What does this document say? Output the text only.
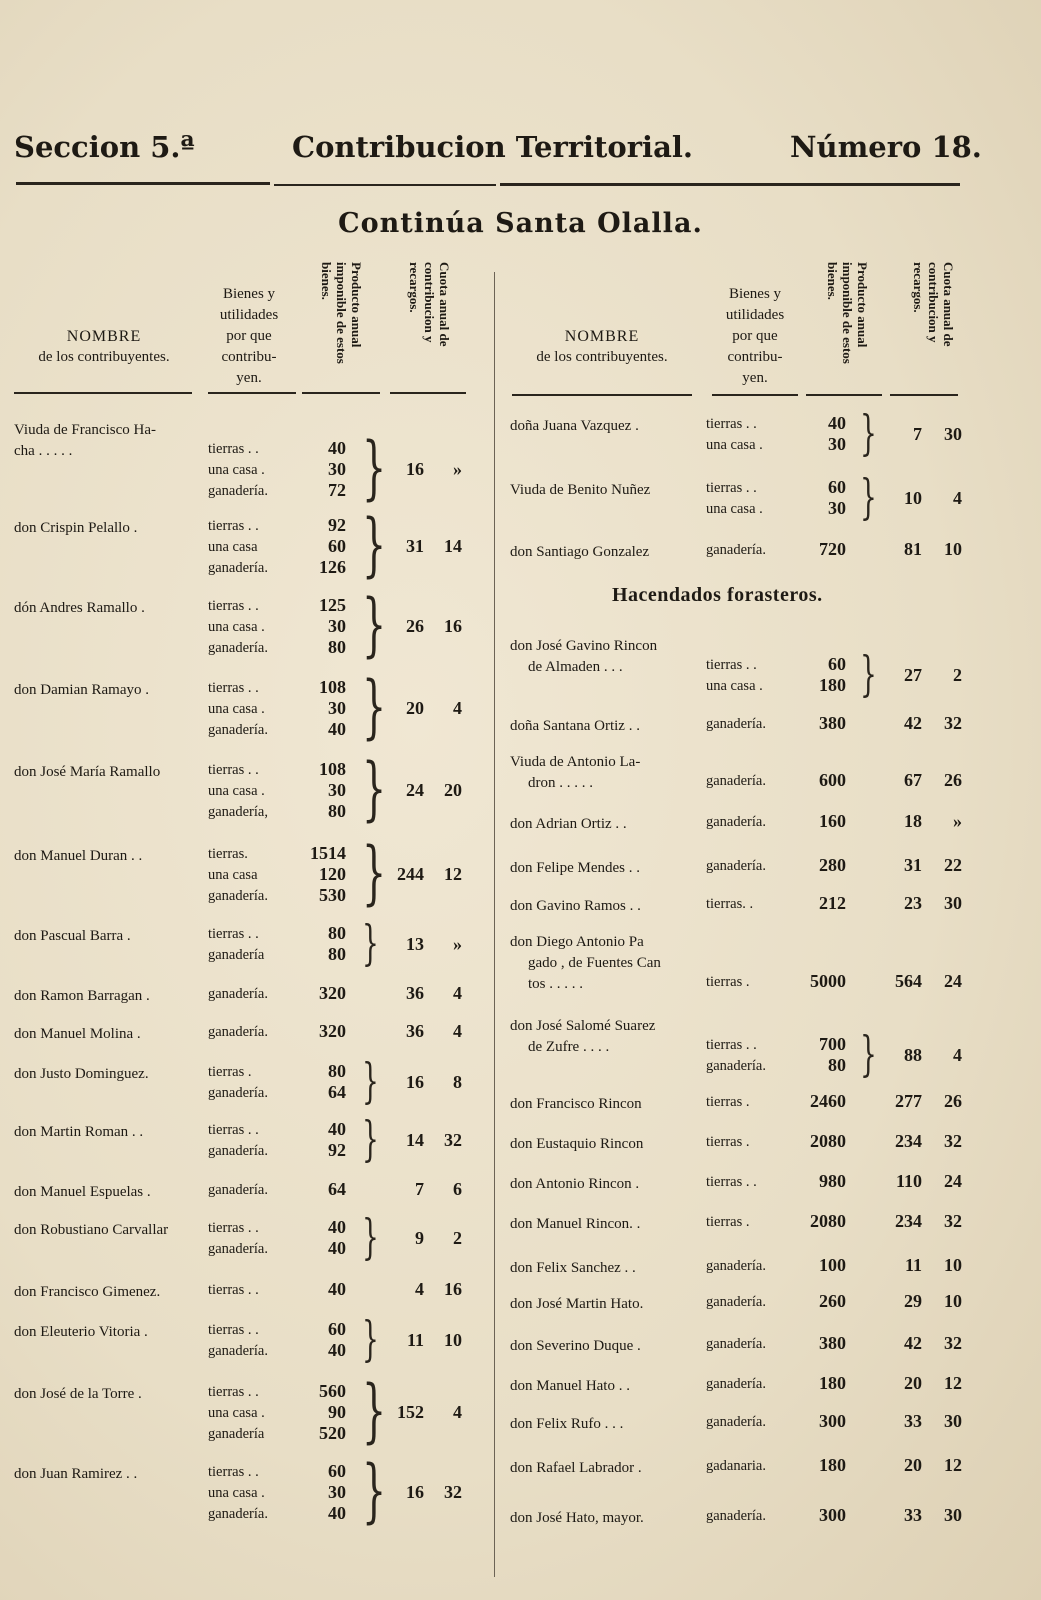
Seccion 5.ª	Contribucion Territorial.	Número 18.
Continúa Santa Olalla.
NOMBRE
de los contribuyentes.
Bienes y
utilidades
por que
contribu-
yen.
Producto anual imponible de estos bienes.	Cuota anual de contribucion y recargos.
NOMBRE
de los contribuyentes.
Bienes y
utilidades
por que
contribu-
yen.
Producto anual imponible de estos bienes.	Cuota anual de contribucion y recargos.
Hacendados forasteros.
Viuda de Francisco Ha-
cha . . . . .	tierras . .	40
una casa .	30
ganadería.	72 }	16	»
don Crispin Pelallo .	tierras . .	92
una casa	60
ganadería.	126 }	31	14
dón Andres Ramallo .	tierras . .	125
una casa .	30
ganadería.	80 }	26	16
don Damian Ramayo .	tierras . .	108
una casa .	30
ganadería.	40 }	20	4
don José María Ramallo	tierras . .	108
una casa .	30
ganadería,	80 }	24	20
don Manuel Duran . .	tierras.	1514
una casa	120
ganadería.	530 } 244	12
don Pascual Barra .	tierras . .	80
ganadería	80 }	13	»
don Ramon Barragan .	ganadería.	320	36	4
don Manuel Molina .	ganadería.	320	36	4
don Justo Dominguez.	tierras .	80
ganadería.	64 }	16	8
don Martin Roman . .	tierras . .	40
ganadería.	92 }	14	32
don Manuel Espuelas .	ganadería.	64	7	6
don Robustiano Carvallar	tierras . .	40
ganadería.	40 }	9	2
don Francisco Gimenez.	tierras . .	40	4	16
don Eleuterio Vitoria .	tierras . .	60
ganadería.	40 }	11	10
don José de la Torre .	tierras . .	560
una casa .	90
ganadería	520 } 152	4
don Juan Ramirez . .	tierras . .	60
una casa .	30
ganadería.	40 }	16	32
doña Juana Vazquez .	tierras . .	40
una casa .	30 }	7	30
Viuda de Benito Nuñez	tierras . .	60
una casa .	30 }	10	4
don Santiago Gonzalez	ganadería.	720	81	10
don José Gavino Rincon
de Almaden . . .	tierras . .	60
una casa .	180 }	27	2
doña Santana Ortiz . .	ganadería.	380	42	32
Viuda de Antonio La-
dron . . . . .	ganadería.	600	67	26
don Adrian Ortiz . .	ganadería.	160	18	»
don Felipe Mendes . .	ganadería.	280	31	22
don Gavino Ramos . .	tierras. .	212	23	30
don Diego Antonio Pa
gado , de Fuentes Can
tos . . . . .	tierras .	5000	564	24
don José Salomé Suarez
de Zufre . . . .	tierras . .	700
ganadería.	80 }	88	4
don Francisco Rincon	tierras .	2460	277	26
don Eustaquio Rincon	tierras .	2080	234	32
don Antonio Rincon .	tierras . .	980	110	24
don Manuel Rincon. .	tierras .	2080	234	32
don Felix Sanchez . .	ganadería.	100	11	10
don José Martin Hato.	ganadería.	260	29	10
don Severino Duque .	ganadería.	380	42	32
don Manuel Hato . .	ganadería.	180	20	12
don Felix Rufo . . .	ganadería.	300	33	30
don Rafael Labrador .	gadanaria.	180	20	12
don José Hato, mayor.	ganadería.	300	33	30
